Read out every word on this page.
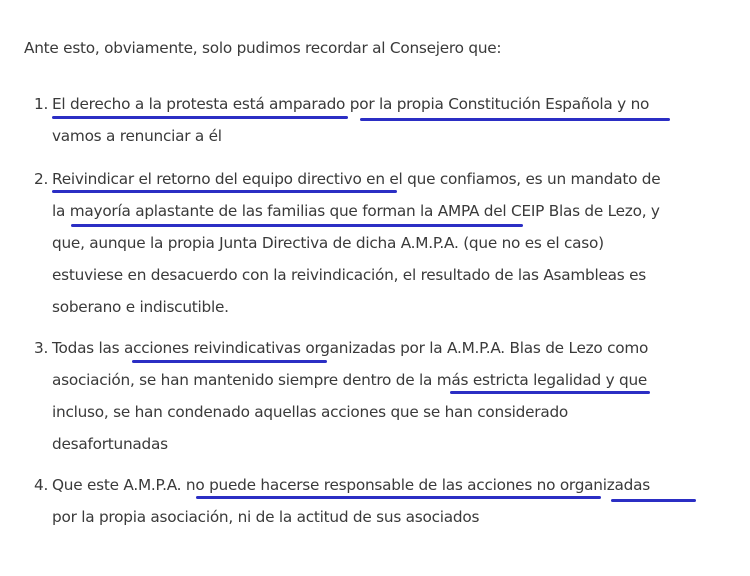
Ante esto, obviamente, solo pudimos recordar al Consejero que:

1. El derecho a la protesta está amparado por la propia Constitución Española y no
vamos a renunciar a él
2. Reivindicar el retorno del equipo directivo en el que confiamos, es un mandato de
la mayoría aplastante de las familias que forman la AMPA del CEIP Blas de Lezo, y
que, aunque la propia Junta Directiva de dicha A.M.P.A. (que no es el caso)
estuviese en desacuerdo con la reivindicación, el resultado de las Asambleas es
soberano e indiscutible.
3. Todas las acciones reivindicativas organizadas por la A.M.P.A. Blas de Lezo como
asociación, se han mantenido siempre dentro de la más estricta legalidad y que
incluso, se han condenado aquellas acciones que se han considerado
desafortunadas
4. Que este A.M.P.A. no puede hacerse responsable de las acciones no organizadas
por la propia asociación, ni de la actitud de sus asociados
